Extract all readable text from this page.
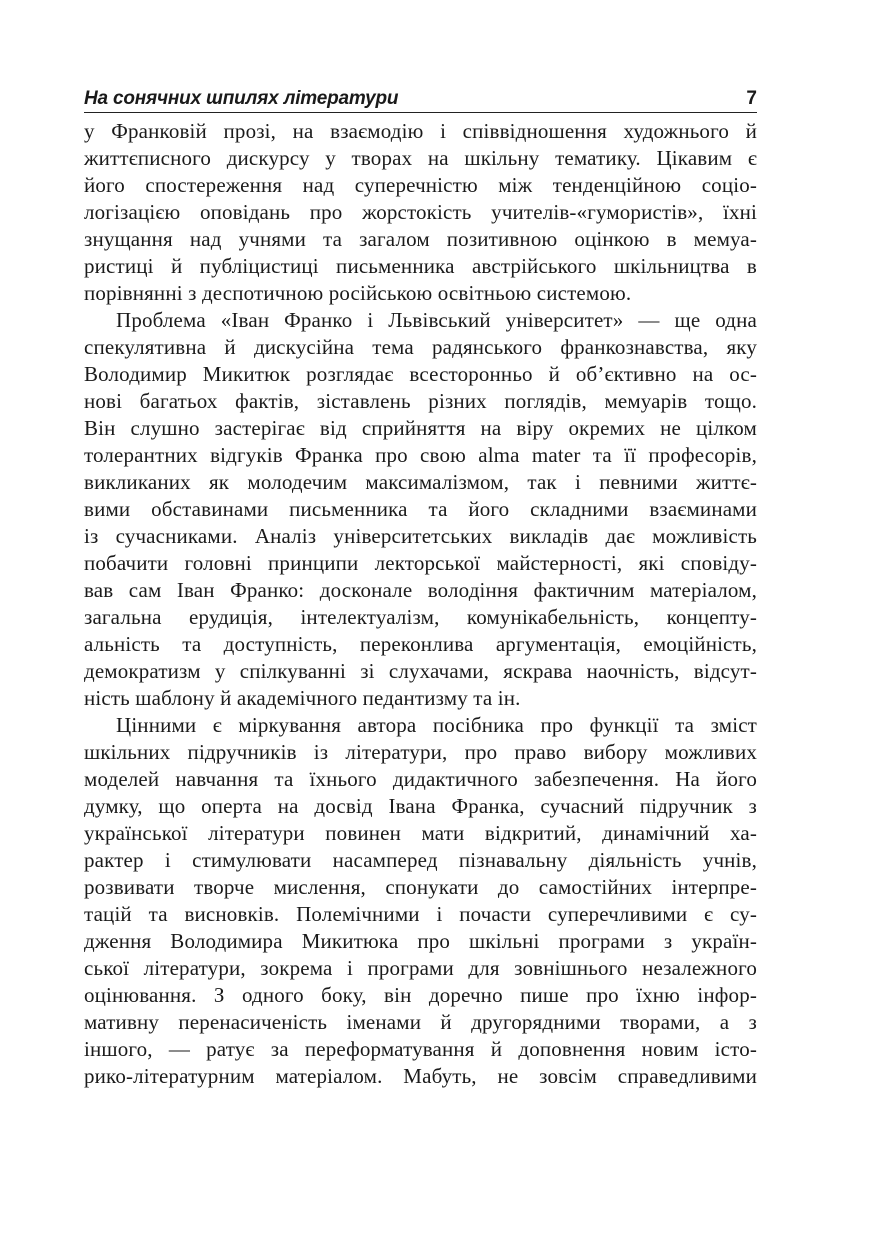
На сонячних шпилях літератури	7

у Франковій прозі, на взаємодію і співвідношення художнього й
життєписного дискурсу у творах на шкільну тематику. Цікавим є
його спостереження над суперечністю між тенденційною соціо-
логізацією оповідань про жорстокість учителів-«гумористів», їхні
знущання над учнями та загалом позитивною оцінкою в мемуа-
ристиці й публіцистиці письменника австрійського шкільництва в
порівнянні з деспотичною російською освітньою системою.

Проблема «Іван Франко і Львівський університет» — ще одна
спекулятивна й дискусійна тема радянського франкознавства, яку
Володимир Микитюк розглядає всесторонньо й об’єктивно на ос-
нові багатьох фактів, зіставлень різних поглядів, мемуарів тощо.
Він слушно застерігає від сприйняття на віру окремих не цілком
толерантних відгуків Франка про свою alma mater та її професорів,
викликаних як молодечим максималізмом, так і певними життє-
вими обставинами письменника та його складними взаєминами
із сучасниками. Аналіз університетських викладів дає можливість
побачити головні принципи лекторської майстерності, які сповіду-
вав сам Іван Франко: досконале володіння фактичним матеріалом,
загальна ерудиція, інтелектуалізм, комунікабельність, концепту-
альність та доступність, переконлива аргументація, емоційність,
демократизм у спілкуванні зі слухачами, яскрава наочність, відсут-
ність шаблону й академічного педантизму та ін.

Цінними є міркування автора посібника про функції та зміст
шкільних підручників із літератури, про право вибору можливих
моделей навчання та їхнього дидактичного забезпечення. На його
думку, що оперта на досвід Івана Франка, сучасний підручник з
української літератури повинен мати відкритий, динамічний ха-
рактер і стимулювати насамперед пізнавальну діяльність учнів,
розвивати творче мислення, спонукати до самостійних інтерпре-
тацій та висновків. Полемічними і почасти суперечливими є су-
дження Володимира Микитюка про шкільні програми з україн-
ської літератури, зокрема і програми для зовнішнього незалежного
оцінювання. З одного боку, він доречно пише про їхню інфор-
мативну перенасиченість іменами й другорядними творами, а з
іншого, — ратує за переформатування й доповнення новим істо-
рико-літературним матеріалом. Мабуть, не зовсім справедливими
